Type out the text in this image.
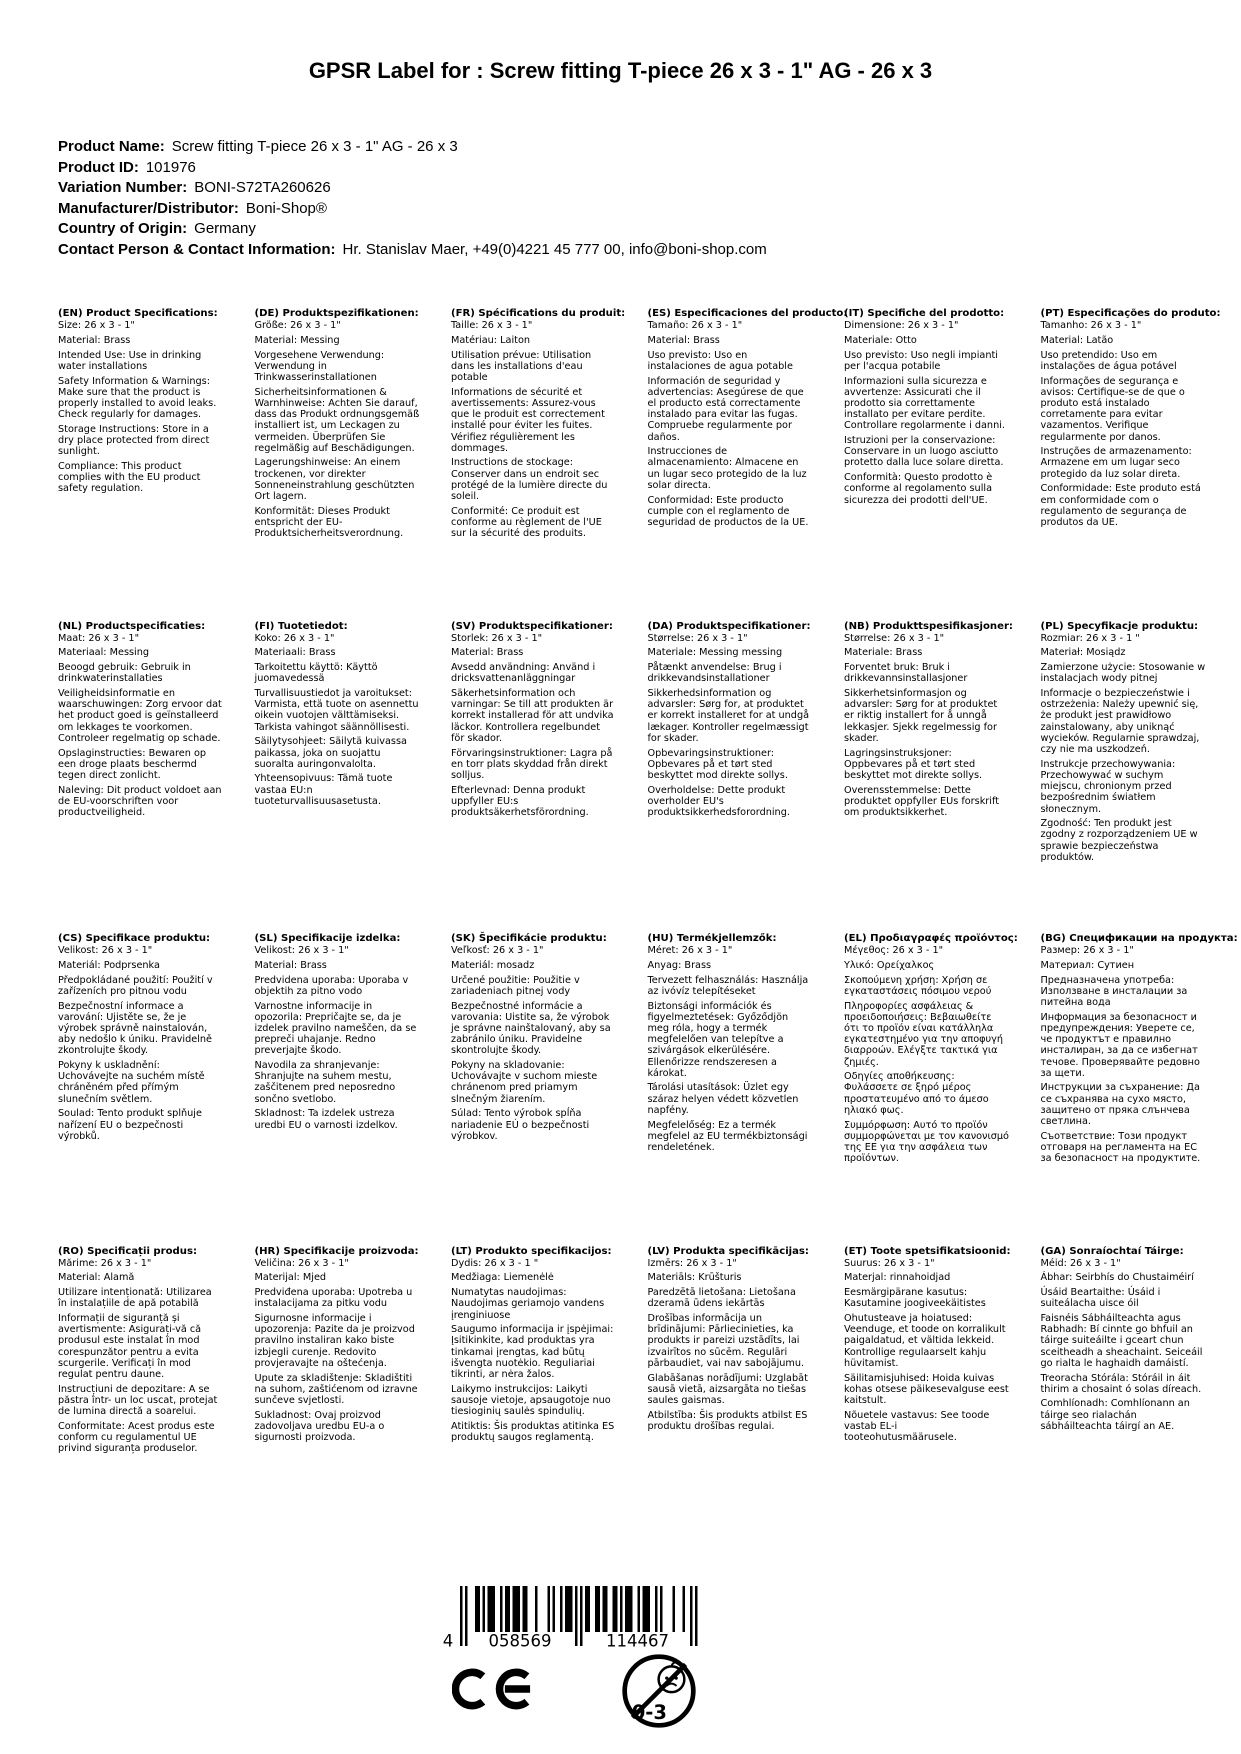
GPSR Label for : Screw fitting T-piece 26 x 3 - 1" AG - 26 x 3
Product Name: Screw fitting T-piece 26 x 3 - 1" AG - 26 x 3
Product ID: 101976
Variation Number: BONI-S72TA260626
Manufacturer/Distributor: Boni-Shop®
Country of Origin: Germany
Contact Person & Contact Information: Hr. Stanislav Maer, +49(0)4221 45 777 00, info@boni-shop.com
(EN) Product Specifications:

Size: 26 x 3 - 1"

Material: Brass

Intended Use: Use in drinking water installations

Safety Information & Warnings: Make sure that the product is properly installed to avoid leaks. Check regularly for damages.

Storage Instructions: Store in a dry place protected from direct sunlight.

Compliance: This product complies with the EU product safety regulation.

(DE) Produktspezifikationen:

Größe: 26 x 3 - 1"

Material: Messing

Vorgesehene Verwendung: Verwendung in Trinkwasserinstallationen

Sicherheitsinformationen & Warnhinweise: Achten Sie darauf, dass das Produkt ordnungsgemäß installiert ist, um Leckagen zu vermeiden. Überprüfen Sie regelmäßig auf Beschädigungen.

Lagerungshinweise: An einem trockenen, vor direkter Sonneneinstrahlung geschützten Ort lagern.

Konformität: Dieses Produkt entspricht der EU-Produktsicherheitsverordnung.

(FR) Spécifications du produit:

Taille: 26 x 3 - 1"

Matériau: Laiton

Utilisation prévue: Utilisation dans les installations d'eau potable

Informations de sécurité et avertissements: Assurez-vous que le produit est correctement installé pour éviter les fuites. Vérifiez régulièrement les dommages.

Instructions de stockage: Conserver dans un endroit sec protégé de la lumière directe du soleil.

Conformité: Ce produit est conforme au règlement de l'UE sur la sécurité des produits.

(ES) Especificaciones del producto:

Tamaño: 26 x 3 - 1"

Material: Brass

Uso previsto: Uso en instalaciones de agua potable

Información de seguridad y advertencias: Asegúrese de que el producto está correctamente instalado para evitar las fugas. Compruebe regularmente por daños.

Instrucciones de almacenamiento: Almacene en un lugar seco protegido de la luz solar directa.

Conformidad: Este producto cumple con el reglamento de seguridad de productos de la UE.

(IT) Specifiche del prodotto:

Dimensione: 26 x 3 - 1"

Materiale: Otto

Uso previsto: Uso negli impianti per l'acqua potabile

Informazioni sulla sicurezza e avvertenze: Assicurati che il prodotto sia correttamente installato per evitare perdite. Controllare regolarmente i danni.

Istruzioni per la conservazione: Conservare in un luogo asciutto protetto dalla luce solare diretta.

Conformità: Questo prodotto è conforme al regolamento sulla sicurezza dei prodotti dell'UE.

(PT) Especificações do produto:

Tamanho: 26 x 3 - 1"

Material: Latão

Uso pretendido: Uso em instalações de água potável

Informações de segurança e avisos: Certifique-se de que o produto está instalado corretamente para evitar vazamentos. Verifique regularmente por danos.

Instruções de armazenamento: Armazene em um lugar seco protegido da luz solar direta.

Conformidade: Este produto está em conformidade com o regulamento de segurança de produtos da UE.

(NL) Productspecificaties:

Maat: 26 x 3 - 1"

Materiaal: Messing

Beoogd gebruik: Gebruik in drinkwaterinstallaties

Veiligheidsinformatie en waarschuwingen: Zorg ervoor dat het product goed is geïnstalleerd om lekkages te voorkomen. Controleer regelmatig op schade.

Opslaginstructies: Bewaren op een droge plaats beschermd tegen direct zonlicht.

Naleving: Dit product voldoet aan de EU-voorschriften voor productveiligheid.

(FI) Tuotetiedot:

Koko: 26 x 3 - 1"

Materiaali: Brass

Tarkoitettu käyttö: Käyttö juomavedessä

Turvallisuustiedot ja varoitukset: Varmista, että tuote on asennettu oikein vuotojen välttämiseksi. Tarkista vahingot säännöllisesti.

Säilytysohjeet: Säilytä kuivassa paikassa, joka on suojattu suoralta auringonvalolta.

Yhteensopivuus: Tämä tuote vastaa EU:n tuoteturvallisuusasetusta.

(SV) Produktspecifikationer:

Storlek: 26 x 3 - 1"

Material: Brass

Avsedd användning: Använd i dricksvattenanläggningar

Säkerhetsinformation och varningar: Se till att produkten är korrekt installerad för att undvika läckor. Kontrollera regelbundet för skador.

Förvaringsinstruktioner: Lagra på en torr plats skyddad från direkt solljus.

Efterlevnad: Denna produkt uppfyller EU:s produktsäkerhetsförordning.

(DA) Produktspecifikationer:

Størrelse: 26 x 3 - 1"

Materiale: Messing messing

Påtænkt anvendelse: Brug i drikkevandsinstallationer

Sikkerhedsinformation og advarsler: Sørg for, at produktet er korrekt installeret for at undgå lækager. Kontroller regelmæssigt for skader.

Opbevaringsinstruktioner: Opbevares på et tørt sted beskyttet mod direkte sollys.

Overholdelse: Dette produkt overholder EU's produktsikkerhedsforordning.

(NB) Produkttspesifikasjoner:

Størrelse: 26 x 3 - 1"

Materiale: Brass

Forventet bruk: Bruk i drikkevannsinstallasjoner

Sikkerhetsinformasjon og advarsler: Sørg for at produktet er riktig installert for å unngå lekkasjer. Sjekk regelmessig for skader.

Lagringsinstruksjoner: Oppbevares på et tørt sted beskyttet mot direkte sollys.

Overensstemmelse: Dette produktet oppfyller EUs forskrift om produktsikkerhet.

(PL) Specyfikacje produktu:

Rozmiar: 26 x 3 - 1 "

Materiał: Mosiądz

Zamierzone użycie: Stosowanie w instalacjach wody pitnej

Informacje o bezpieczeństwie i ostrzeżenia: Należy upewnić się, że produkt jest prawidłowo zainstalowany, aby uniknąć wycieków. Regularnie sprawdzaj, czy nie ma uszkodzeń.

Instrukcje przechowywania: Przechowywać w suchym miejscu, chronionym przed bezpośrednim światłem słonecznym.

Zgodność: Ten produkt jest zgodny z rozporządzeniem UE w sprawie bezpieczeństwa produktów.

(CS) Specifikace produktu:

Velikost: 26 x 3 - 1"

Materiál: Podprsenka

Předpokládané použití: Použití v zařízeních pro pitnou vodu

Bezpečnostní informace a varování: Ujistěte se, že je výrobek správně nainstalován, aby nedošlo k úniku. Pravidelně zkontrolujte škody.

Pokyny k uskladnění: Uchovávejte na suchém místě chráněném před přímým slunečním světlem.

Soulad: Tento produkt splňuje nařízení EU o bezpečnosti výrobků.

(SL) Specifikacije izdelka:

Velikost: 26 x 3 - 1"

Material: Brass

Predvidena uporaba: Uporaba v objektih za pitno vodo

Varnostne informacije in opozorila: Prepričajte se, da je izdelek pravilno nameščen, da se prepreči uhajanje. Redno preverjajte škodo.

Navodila za shranjevanje: Shranjujte na suhem mestu, zaščitenem pred neposredno sončno svetlobo.

Skladnost: Ta izdelek ustreza uredbi EU o varnosti izdelkov.

(SK) Špecifikácie produktu:

Veľkosť: 26 x 3 - 1"

Materiál: mosadz

Určené použitie: Použitie v zariadeniach pitnej vody

Bezpečnostné informácie a varovania: Uistite sa, že výrobok je správne nainštalovaný, aby sa zabránilo úniku. Pravidelne skontrolujte škody.

Pokyny na skladovanie: Uchovávajte v suchom mieste chránenom pred priamym slnečným žiarením.

Súlad: Tento výrobok spĺňa nariadenie EÚ o bezpečnosti výrobkov.

(HU) Termékjellemzők:

Méret: 26 x 3 - 1"

Anyag: Brass

Tervezett felhasználás: Használja az ivóvíz telepítéseket

Biztonsági információk és figyelmeztetések: Győződjön meg róla, hogy a termék megfelelően van telepítve a szivárgások elkerülésére. Ellenőrizze rendszeresen a károkat.

Tárolási utasítások: Üzlet egy száraz helyen védett közvetlen napfény.

Megfelelőség: Ez a termék megfelel az EU termékbiztonsági rendeletének.

(EL) Προδιαγραφές προϊόντος:

Μέγεθος: 26 x 3 - 1"

Υλικό: Ορείχαλκος

Σκοπούμενη χρήση: Χρήση σε εγκαταστάσεις πόσιμου νερού

Πληροφορίες ασφάλειας & προειδοποιήσεις: Βεβαιωθείτε ότι το προϊόν είναι κατάλληλα εγκατεστημένο για την αποφυγή διαρροών. Ελέγξτε τακτικά για ζημιές.

Οδηγίες αποθήκευσης: Φυλάσσετε σε ξηρό μέρος προστατευμένο από το άμεσο ηλιακό φως.

Συμμόρφωση: Αυτό το προϊόν συμμορφώνεται με τον κανονισμό της ΕΕ για την ασφάλεια των προϊόντων.

(BG) Спецификации на продукта:

Размер: 26 x 3 - 1"

Материал: Сутиен

Предназначена употреба: Използване в инсталации за питейна вода

Информация за безопасност и предупреждения: Уверете се, че продуктът е правилно инсталиран, за да се избегнат течове. Проверявайте редовно за щети.

Инструкции за съхранение: Да се съхранява на сухо място, защитено от пряка слънчева светлина.

Съответствие: Този продукт отговаря на регламента на ЕС за безопасност на продуктите.

(RO) Specificații produs:

Mărime: 26 x 3 - 1"

Material: Alamă

Utilizare intenționată: Utilizarea în instalațiile de apă potabilă

Informații de siguranță și avertismente: Asigurați-vă că produsul este instalat în mod corespunzător pentru a evita scurgerile. Verificați în mod regulat pentru daune.

Instrucțiuni de depozitare: A se păstra într- un loc uscat, protejat de lumina directă a soarelui.

Conformitate: Acest produs este conform cu regulamentul UE privind siguranța produselor.

(HR) Specifikacije proizvoda:

Veličina: 26 x 3 - 1"

Materijal: Mjed

Predviđena uporaba: Upotreba u instalacijama za pitku vodu

Sigurnosne informacije i upozorenja: Pazite da je proizvod pravilno instaliran kako biste izbjegli curenje. Redovito provjeravajte na oštećenja.

Upute za skladištenje: Skladištiti na suhom, zaštićenom od izravne sunčeve svjetlosti.

Sukladnost: Ovaj proizvod zadovoljava uredbu EU-a o sigurnosti proizvoda.

(LT) Produkto specifikacijos:

Dydis: 26 x 3 - 1 "

Medžiaga: Liemenėlė

Numatytas naudojimas: Naudojimas geriamojo vandens įrenginiuose

Saugumo informacija ir įspėjimai: Įsitikinkite, kad produktas yra tinkamai įrengtas, kad būtų išvengta nuotėkio. Reguliariai tikrinti, ar nėra žalos.

Laikymo instrukcijos: Laikyti sausoje vietoje, apsaugotoje nuo tiesioginių saulės spindulių.

Atitiktis: Šis produktas atitinka ES produktų saugos reglamentą.

(LV) Produkta specifikācijas:

Izmērs: 26 x 3 - 1"

Materiāls: Krūšturis

Paredzētā lietošana: Lietošana dzeramā ūdens iekārtās

Drošības informācija un brīdinājumi: Pārliecinieties, ka produkts ir pareizi uzstādīts, lai izvairītos no sūcēm. Regulāri pārbaudiet, vai nav sabojājumu.

Glabāšanas norādījumi: Uzglabāt sausā vietā, aizsargāta no tiešas saules gaismas.

Atbilstība: Šis produkts atbilst ES produktu drošības regulai.

(ET) Toote spetsifikatsioonid:

Suurus: 26 x 3 - 1"

Materjal: rinnahoidjad

Eesmärgipärane kasutus: Kasutamine joogiveekäitistes

Ohutusteave ja hoiatused: Veenduge, et toode on korralikult paigaldatud, et vältida lekkeid. Kontrollige regulaarselt kahju hüvitamist.

Säilitamisjuhised: Hoida kuivas kohas otsese päikesevalguse eest kaitstult.

Nõuetele vastavus: See toode vastab EL-i tooteohutusmäärusele.

(GA) Sonraíochtaí Táirge:

Méid: 26 x 3 - 1"

Ábhar: Seirbhís do Chustaiméirí

Úsáid Beartaithe: Úsáid i suiteálacha uisce óil

Faisnéis Sábháilteachta agus Rabhadh: Bí cinnte go bhfuil an táirge suiteáilte i gceart chun sceitheadh a sheachaint. Seiceáil go rialta le haghaidh damáistí.

Treoracha Stórála: Stóráil in áit thirim a chosaint ó solas díreach.

Comhlíonadh: Comhlíonann an táirge seo rialachán sábháilteachta táirgí an AE.

4 058569	114467
0-3
